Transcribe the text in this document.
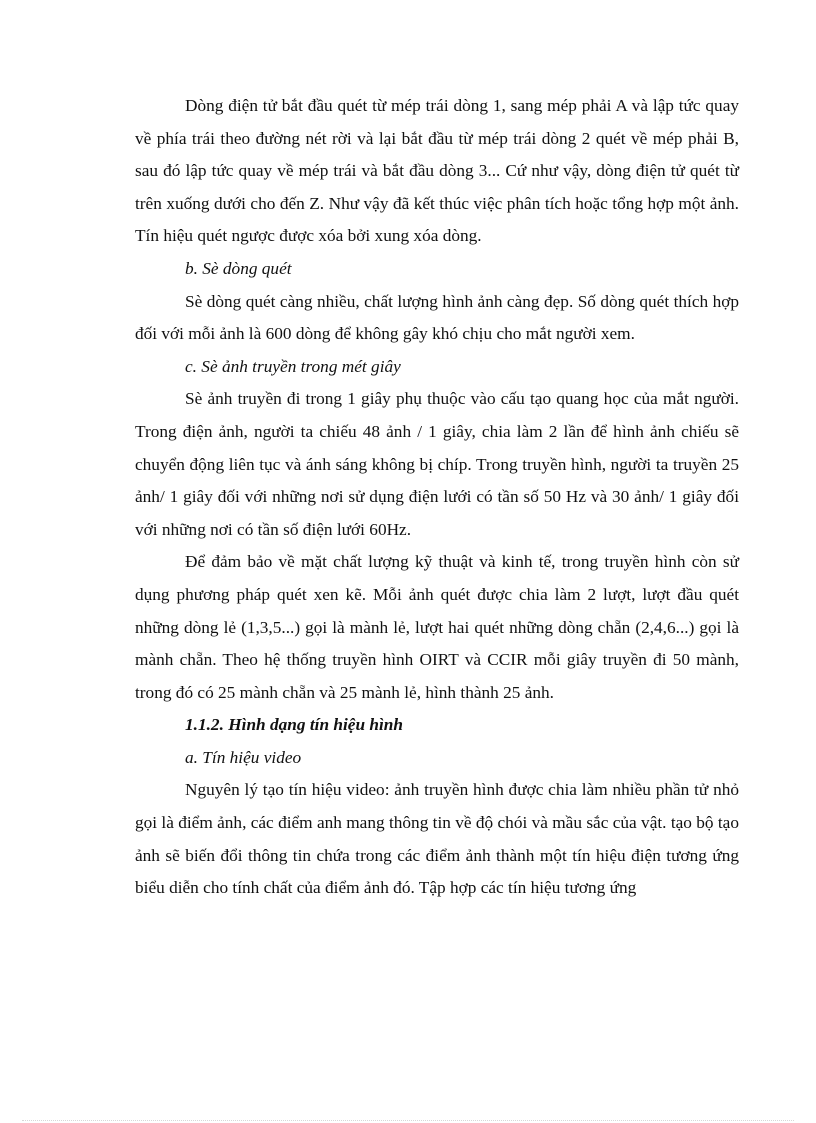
Dòng điện tử bắt đầu quét từ mép trái dòng 1, sang mép phải A và lập tức quay về phía trái theo đường nét rời và lại bắt đầu từ mép trái dòng 2 quét về mép phải B, sau đó lập tức quay về mép trái và bắt đầu dòng 3... Cứ như vậy, dòng điện tử quét từ trên xuống dưới cho đến Z. Như vậy đã kết thúc việc phân tích hoặc tổng hợp một ảnh. Tín hiệu quét ngược được xóa bởi xung xóa dòng.

b. Sè dòng quét

Sè dòng quét càng nhiều, chất lượng hình ảnh càng đẹp. Số dòng quét thích hợp đối với mỗi ảnh là 600 dòng để không gây khó chịu cho mắt người xem.

c. Sè ảnh truyền trong mét giây

Sè ảnh truyền đi trong 1 giây phụ thuộc vào cấu tạo quang học của mắt người. Trong điện ảnh, người ta chiếu 48 ảnh / 1 giây, chia làm 2 lần để hình ảnh chiếu sẽ chuyển động liên tục và ánh sáng không bị chíp. Trong truyền hình, người ta truyền 25 ảnh/ 1 giây đối với những nơi sử dụng điện lưới có tần số 50 Hz và 30 ảnh/ 1 giây đối với những nơi có tần số điện lưới 60Hz.

Để đảm bảo về mặt chất lượng kỹ thuật và kinh tế, trong truyền hình còn sử dụng phương pháp quét xen kẽ. Mỗi ảnh quét được chia làm 2 lượt, lượt đầu quét những dòng lẻ (1,3,5...) gọi là mành lẻ, lượt hai quét những dòng chẵn (2,4,6...) gọi là mành chẵn. Theo hệ thống truyền hình OIRT và CCIR mỗi giây truyền đi 50 mành, trong đó có 25 mành chẵn và 25 mành lẻ, hình thành 25 ảnh.

1.1.2. Hình dạng tín hiệu hình

a. Tín hiệu video

Nguyên lý tạo tín hiệu video: ảnh truyền hình được chia làm nhiều phần tử nhỏ gọi là điểm ảnh, các điểm anh mang thông tin về độ chói và mầu sắc của vật. tạo bộ tạo ảnh sẽ biến đổi thông tin chứa trong các điểm ảnh thành một tín hiệu điện tương ứng biểu diễn cho tính chất của điểm ảnh đó. Tập hợp các tín hiệu tương ứng
